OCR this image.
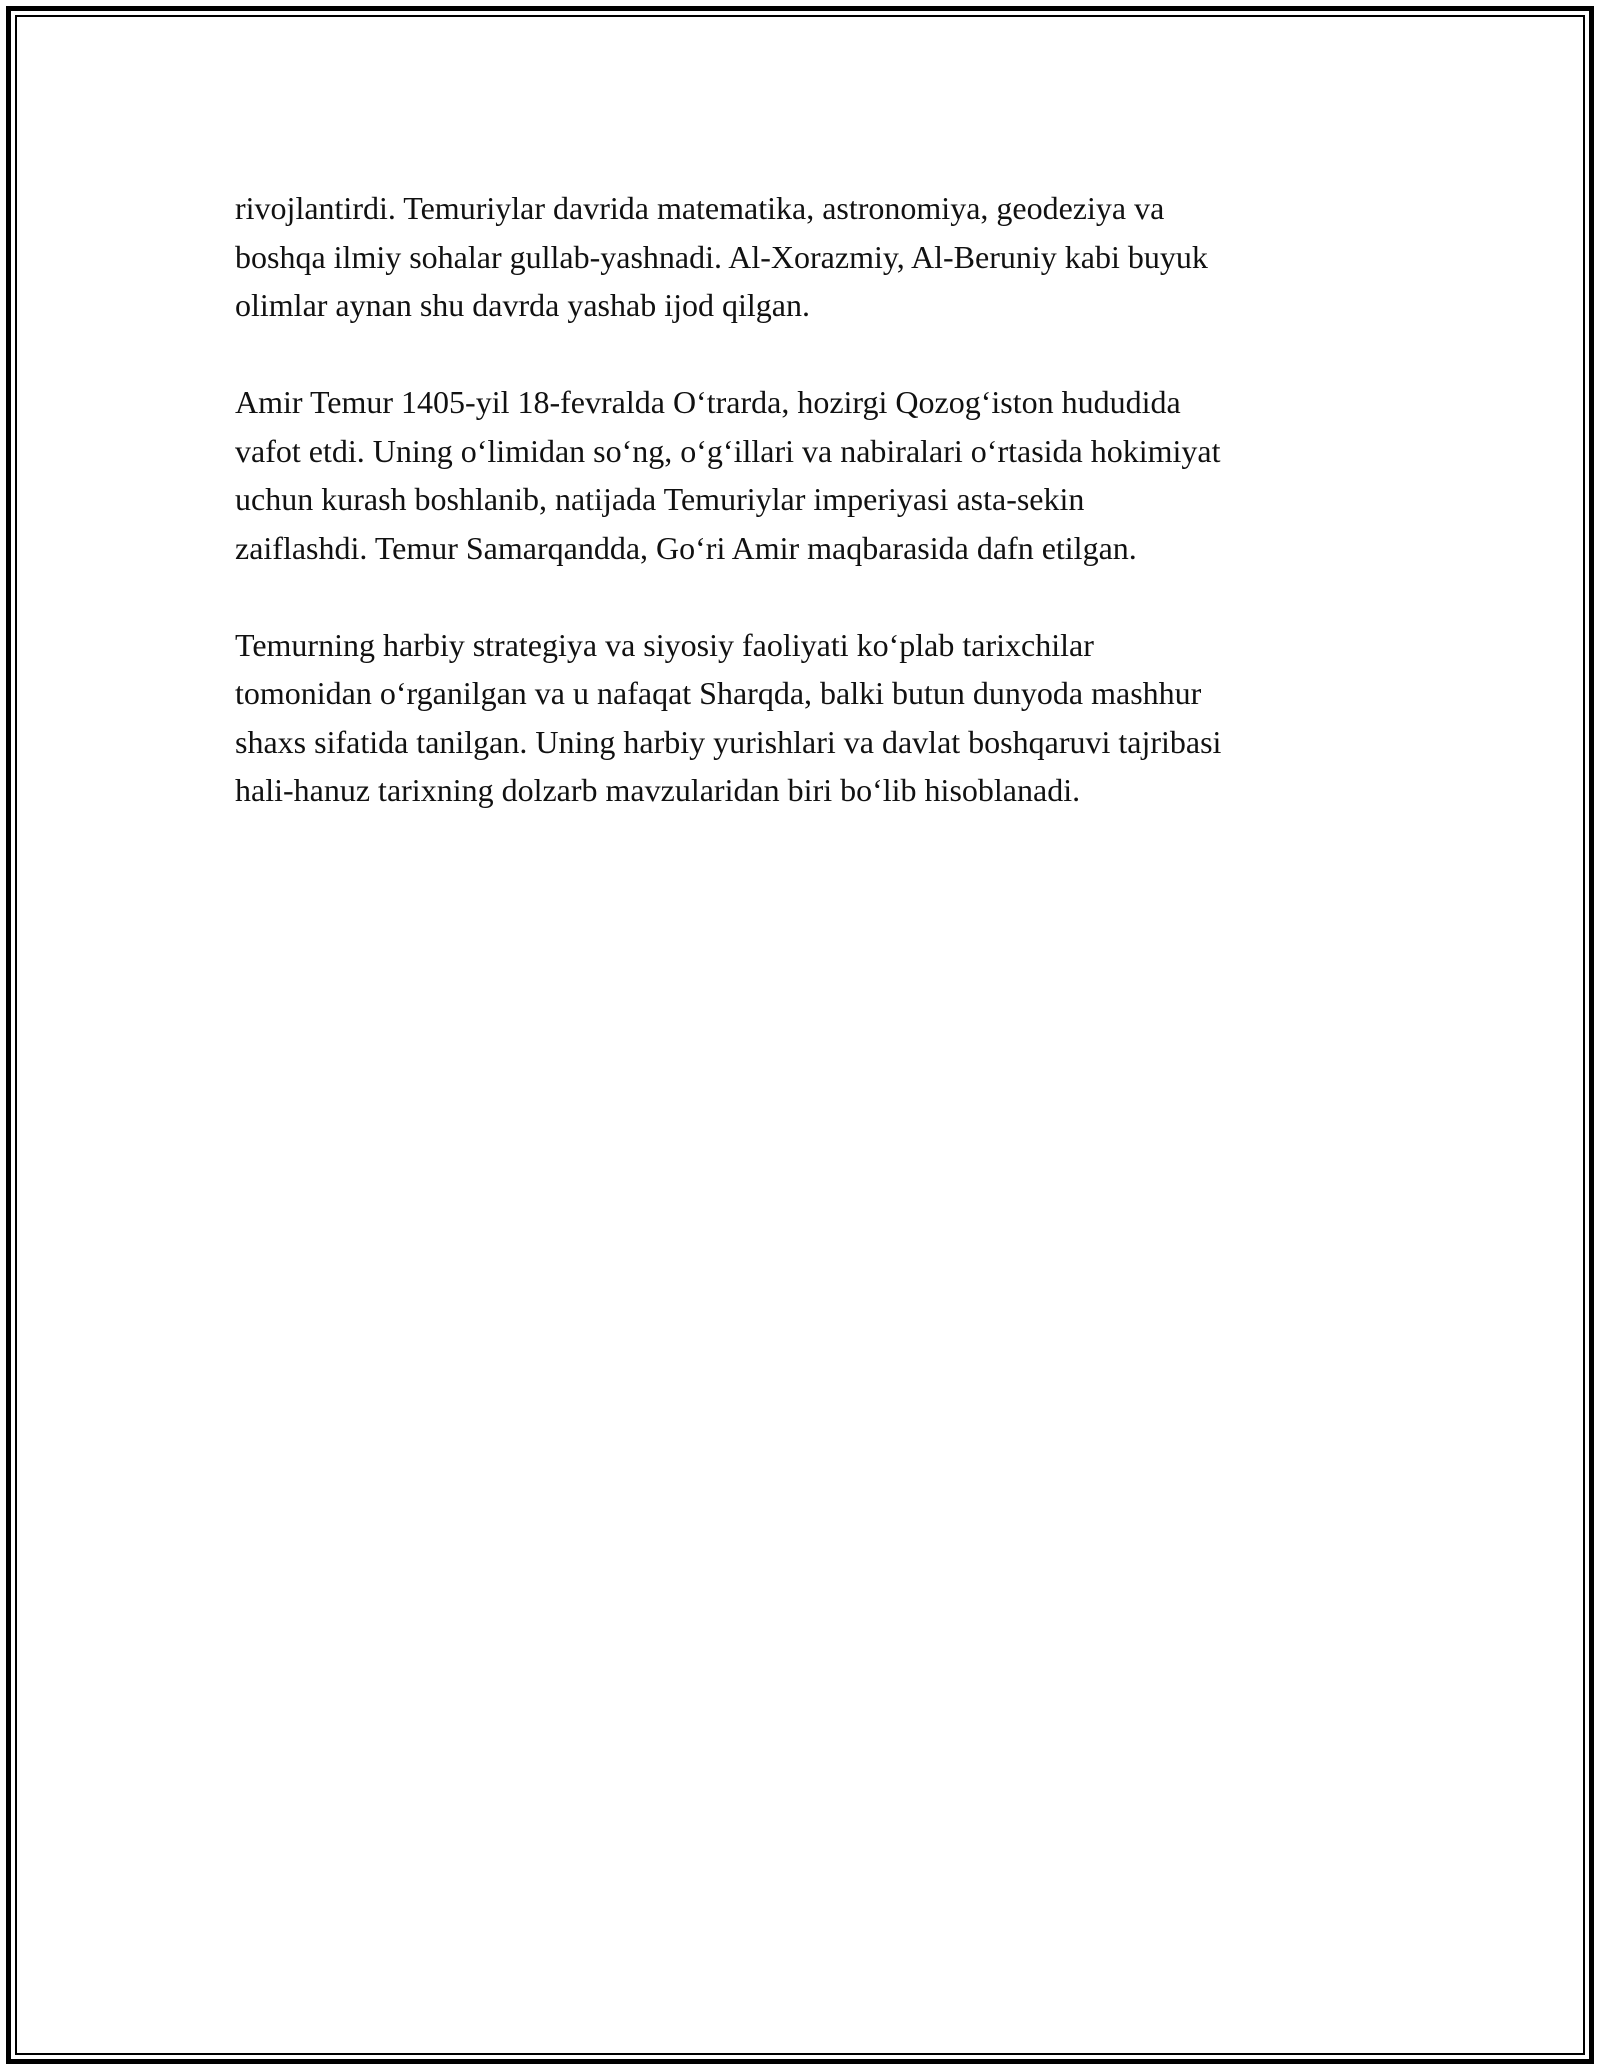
rivojlantirdi. Temuriylar davrida matematika, astronomiya, geodeziya va
boshqa ilmiy sohalar gullab-yashnadi. Al-Xorazmiy, Al-Beruniy kabi buyuk
olimlar aynan shu davrda yashab ijod qilgan.

Amir Temur 1405-yil 18-fevralda O‘trarda, hozirgi Qozog‘iston hududida
vafot etdi. Uning o‘limidan so‘ng, o‘g‘illari va nabiralari o‘rtasida hokimiyat
uchun kurash boshlanib, natijada Temuriylar imperiyasi asta-sekin
zaiflashdi. Temur Samarqandda, Go‘ri Amir maqbarasida dafn etilgan.

Temurning harbiy strategiya va siyosiy faoliyati ko‘plab tarixchilar
tomonidan o‘rganilgan va u nafaqat Sharqda, balki butun dunyoda mashhur
shaxs sifatida tanilgan. Uning harbiy yurishlari va davlat boshqaruvi tajribasi
hali-hanuz tarixning dolzarb mavzularidan biri bo‘lib hisoblanadi.
